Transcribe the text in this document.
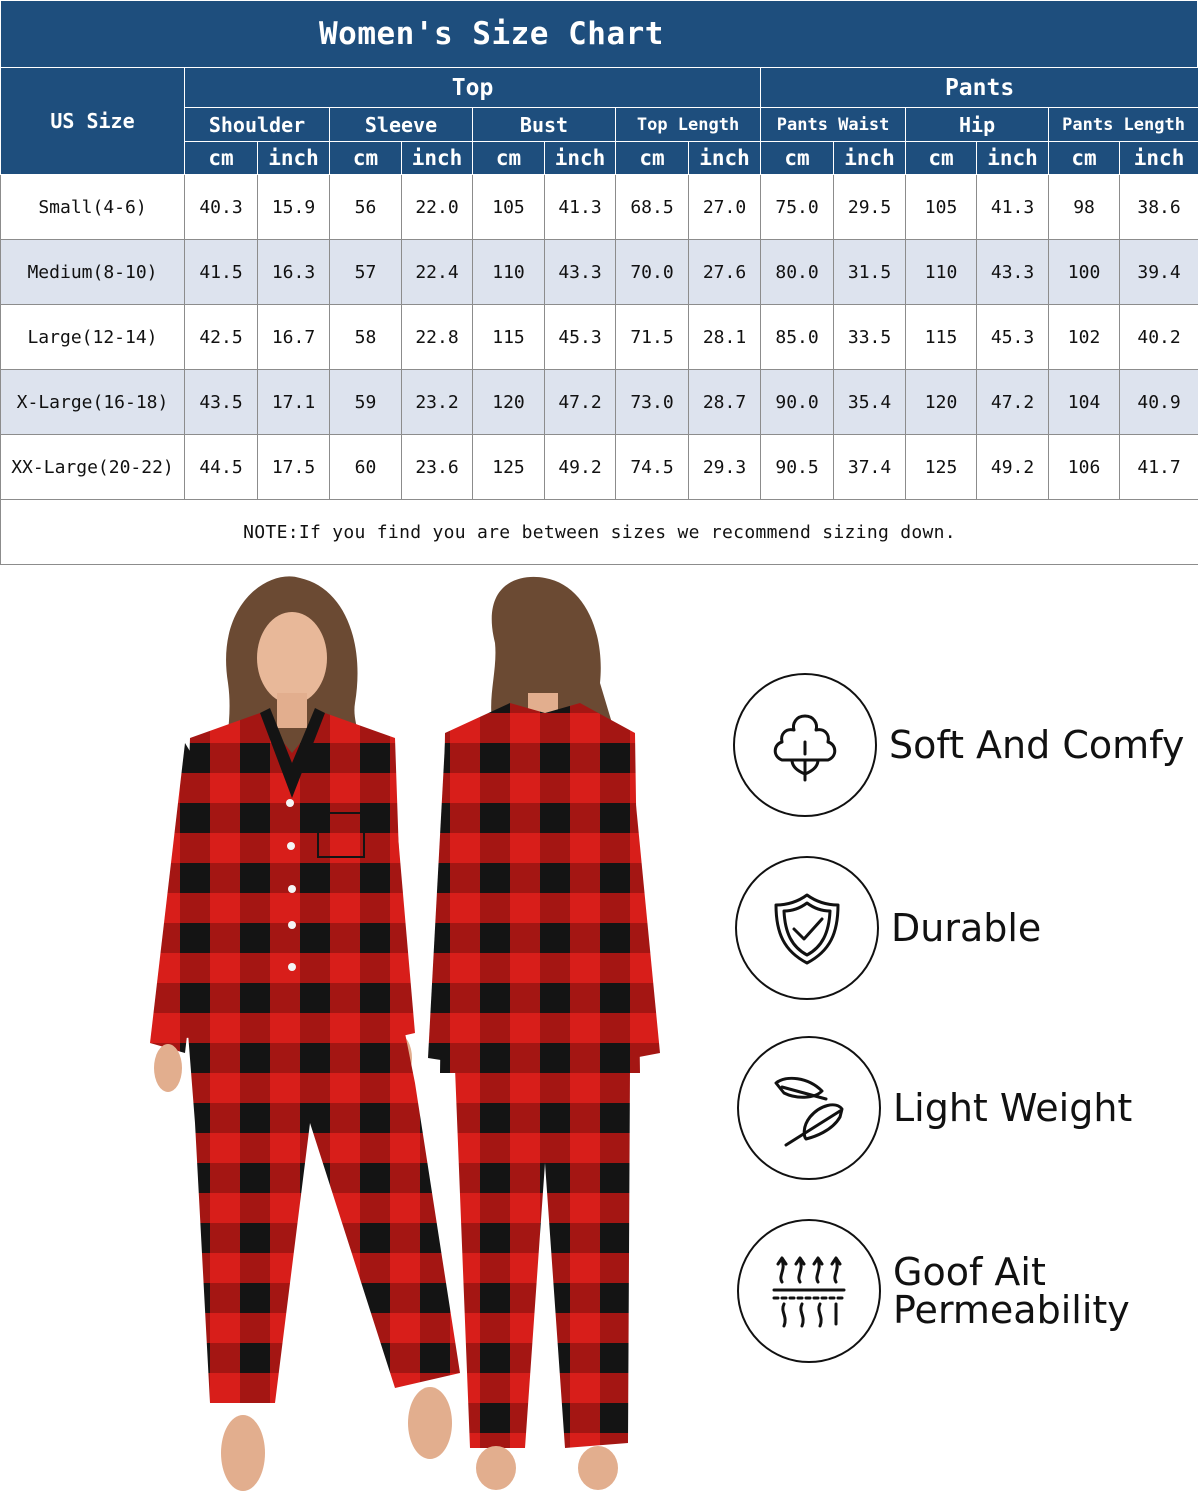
Women's Size Chart
US Size	Top								Pants					
	Shoulder		Sleeve		Bust		Top Length		Pants Waist		Hip		Pants Length	
	cm	inch	cm	inch	cm	inch	cm	inch	cm	inch	cm	inch	cm	inch
Small(4-6)	40.3	15.9	56	22.0	105	41.3	68.5	27.0	75.0	29.5	105	41.3	98	38.6
Medium(8-10)	41.5	16.3	57	22.4	110	43.3	70.0	27.6	80.0	31.5	110	43.3	100	39.4
Large(12-14)	42.5	16.7	58	22.8	115	45.3	71.5	28.1	85.0	33.5	115	45.3	102	40.2
X-Large(16-18)	43.5	17.1	59	23.2	120	47.2	73.0	28.7	90.0	35.4	120	47.2	104	40.9
XX-Large(20-22)	44.5	17.5	60	23.6	125	49.2	74.5	29.3	90.5	37.4	125	49.2	106	41.7
NOTE:If you find you are between sizes we recommend sizing down.														
Soft And Comfy
Durable
Light Weight
Goof Ait
Permeability
